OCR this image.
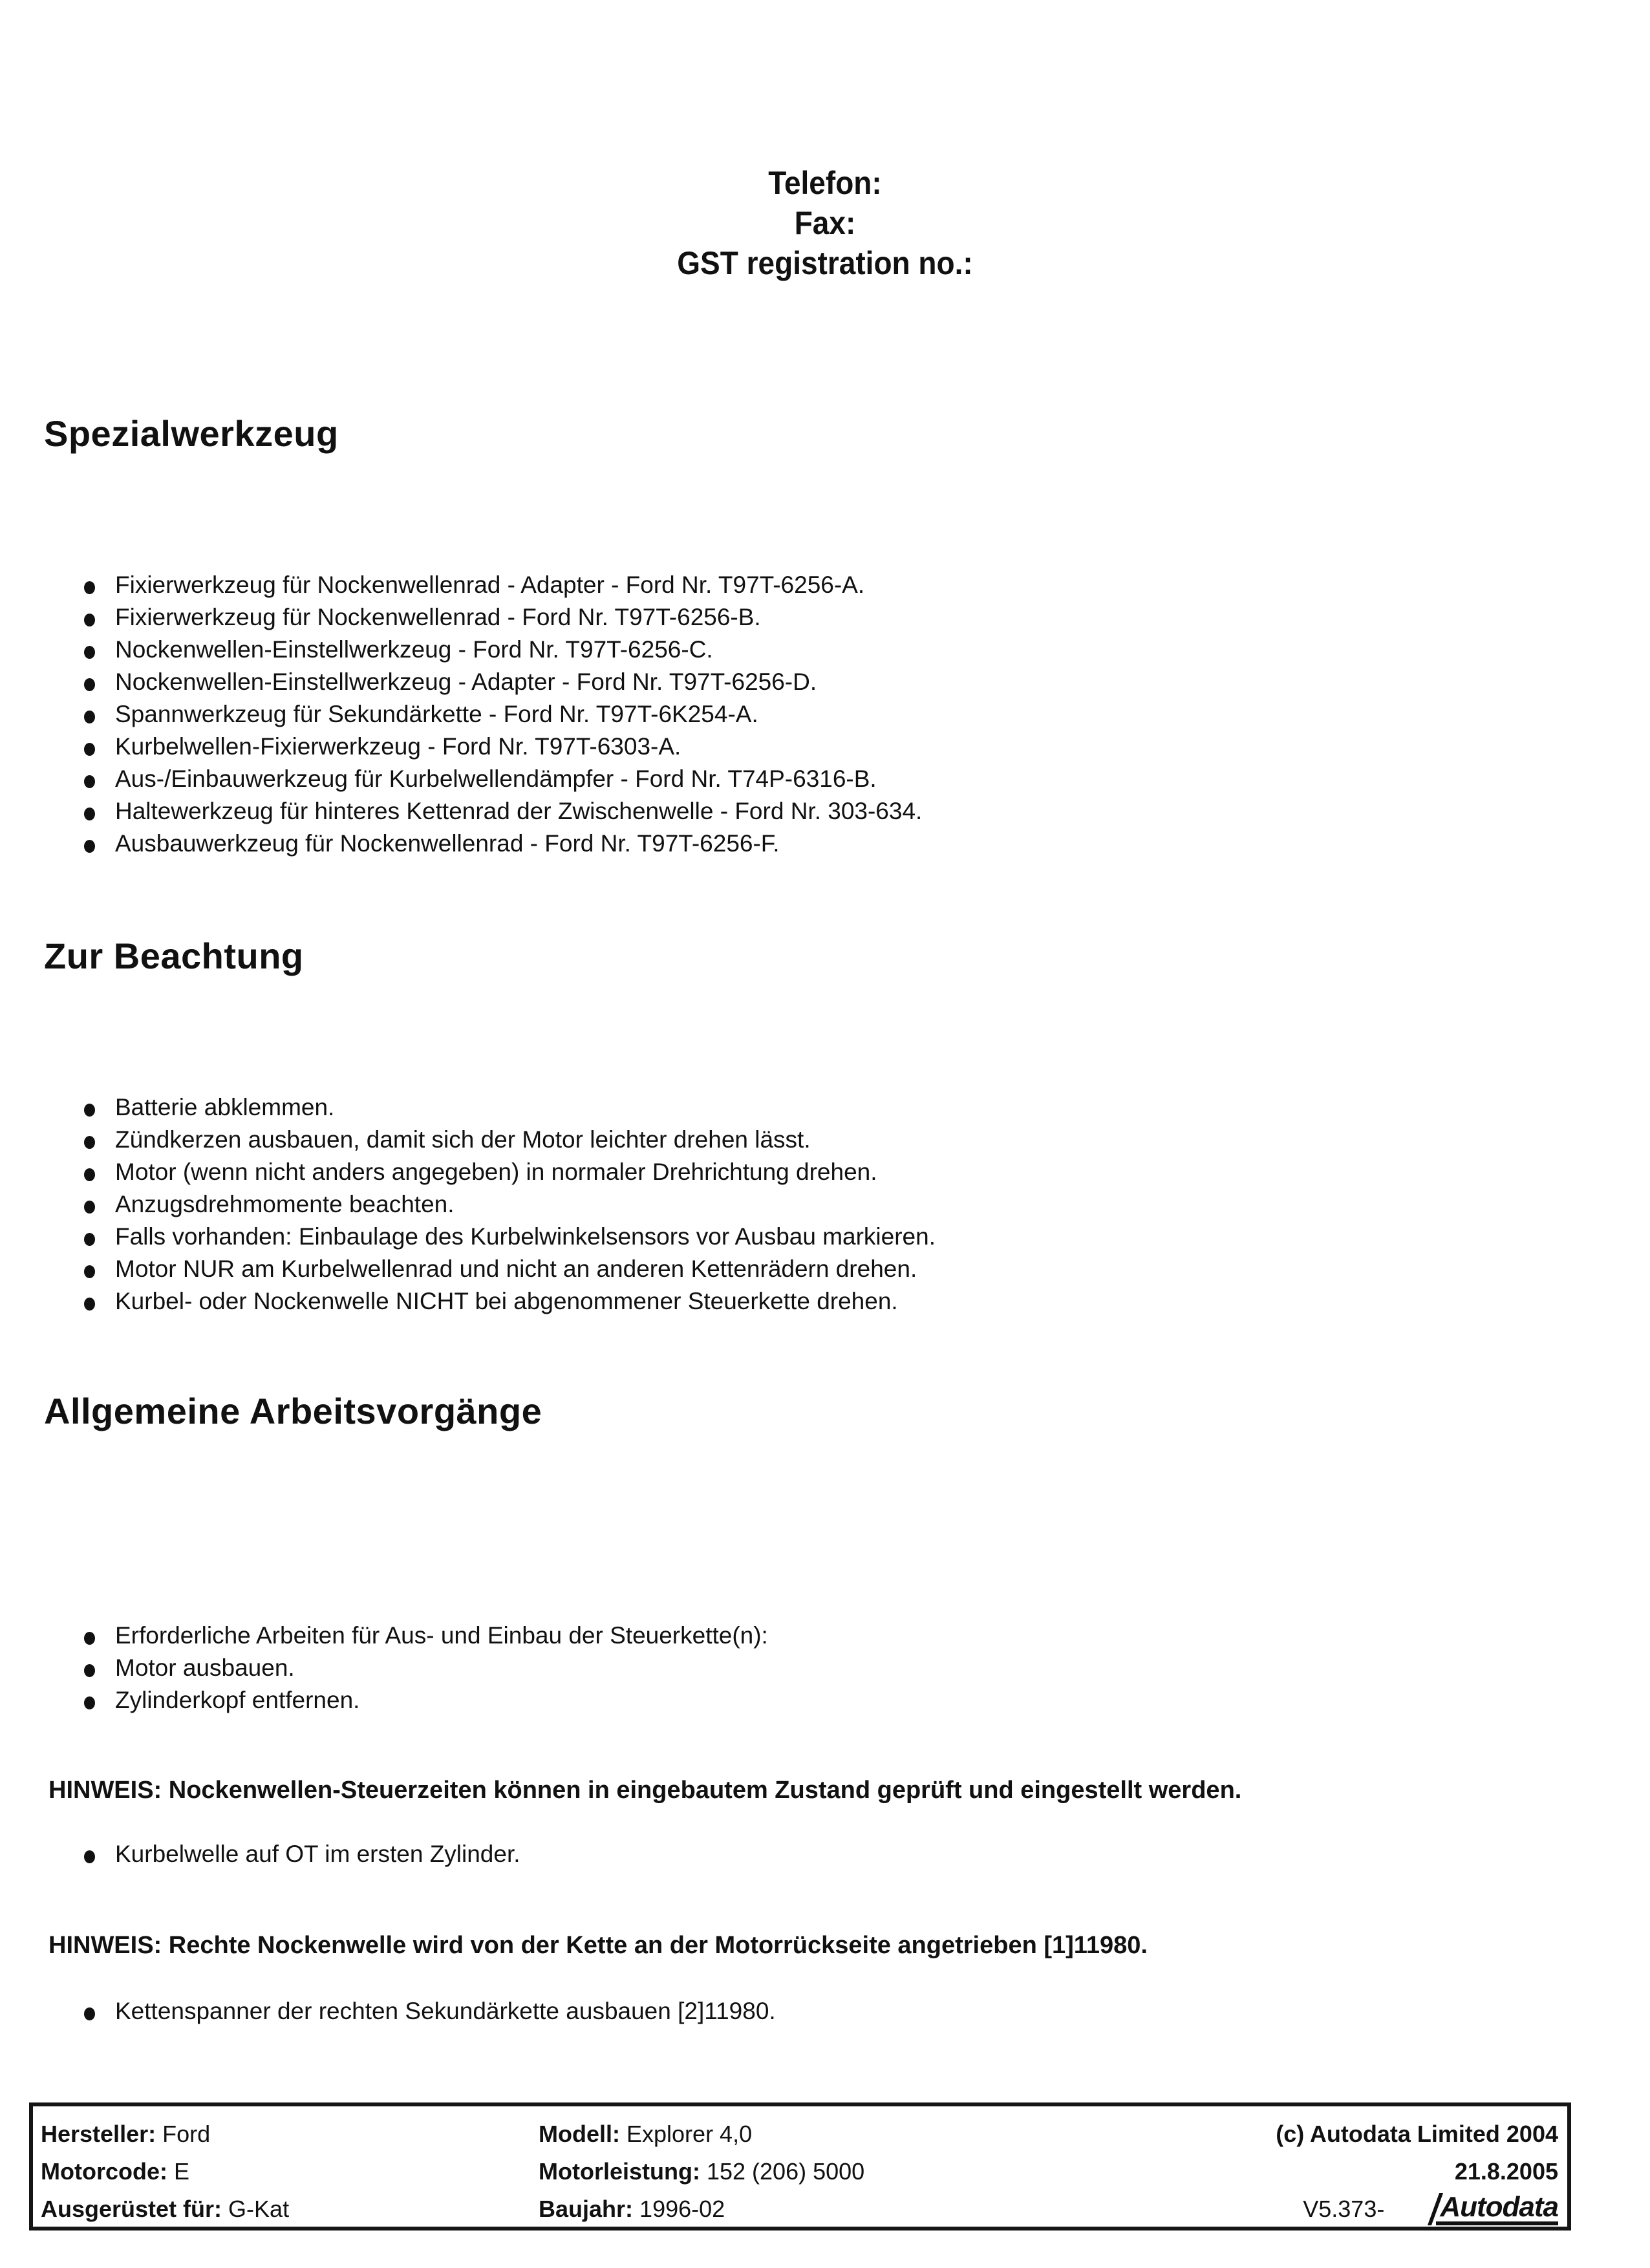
Telefon:
Fax:
GST registration no.:
Spezialwerkzeug
Fixierwerkzeug für Nockenwellenrad - Adapter - Ford Nr. T97T-6256-A.
Fixierwerkzeug für Nockenwellenrad - Ford Nr. T97T-6256-B.
Nockenwellen-Einstellwerkzeug - Ford Nr. T97T-6256-C.
Nockenwellen-Einstellwerkzeug - Adapter - Ford Nr. T97T-6256-D.
Spannwerkzeug für Sekundärkette - Ford Nr. T97T-6K254-A.
Kurbelwellen-Fixierwerkzeug - Ford Nr. T97T-6303-A.
Aus-/Einbauwerkzeug für Kurbelwellendämpfer - Ford Nr. T74P-6316-B.
Haltewerkzeug für hinteres Kettenrad der Zwischenwelle - Ford Nr. 303-634.
Ausbauwerkzeug für Nockenwellenrad - Ford Nr. T97T-6256-F.
Zur Beachtung
Batterie abklemmen.
Zündkerzen ausbauen, damit sich der Motor leichter drehen lässt.
Motor (wenn nicht anders angegeben) in normaler Drehrichtung drehen.
Anzugsdrehmomente beachten.
Falls vorhanden: Einbaulage des Kurbelwinkelsensors vor Ausbau markieren.
Motor NUR am Kurbelwellenrad und nicht an anderen Kettenrädern drehen.
Kurbel- oder Nockenwelle NICHT bei abgenommener Steuerkette drehen.
Allgemeine Arbeitsvorgänge
Erforderliche Arbeiten für Aus- und Einbau der Steuerkette(n):
Motor ausbauen.
Zylinderkopf entfernen.
HINWEIS: Nockenwellen-Steuerzeiten können in eingebautem Zustand geprüft und eingestellt werden.
Kurbelwelle auf OT im ersten Zylinder.
HINWEIS: Rechte Nockenwelle wird von der Kette an der Motorrückseite angetrieben [1]11980.
Kettenspanner der rechten Sekundärkette ausbauen [2]11980.
Hersteller: Ford
Motorcode: E
Ausgerüstet für: G-Kat
Modell: Explorer 4,0
Motorleistung: 152 (206) 5000
Baujahr: 1996-02
(c) Autodata Limited 2004
21.8.2005
V5.373- Autodata
